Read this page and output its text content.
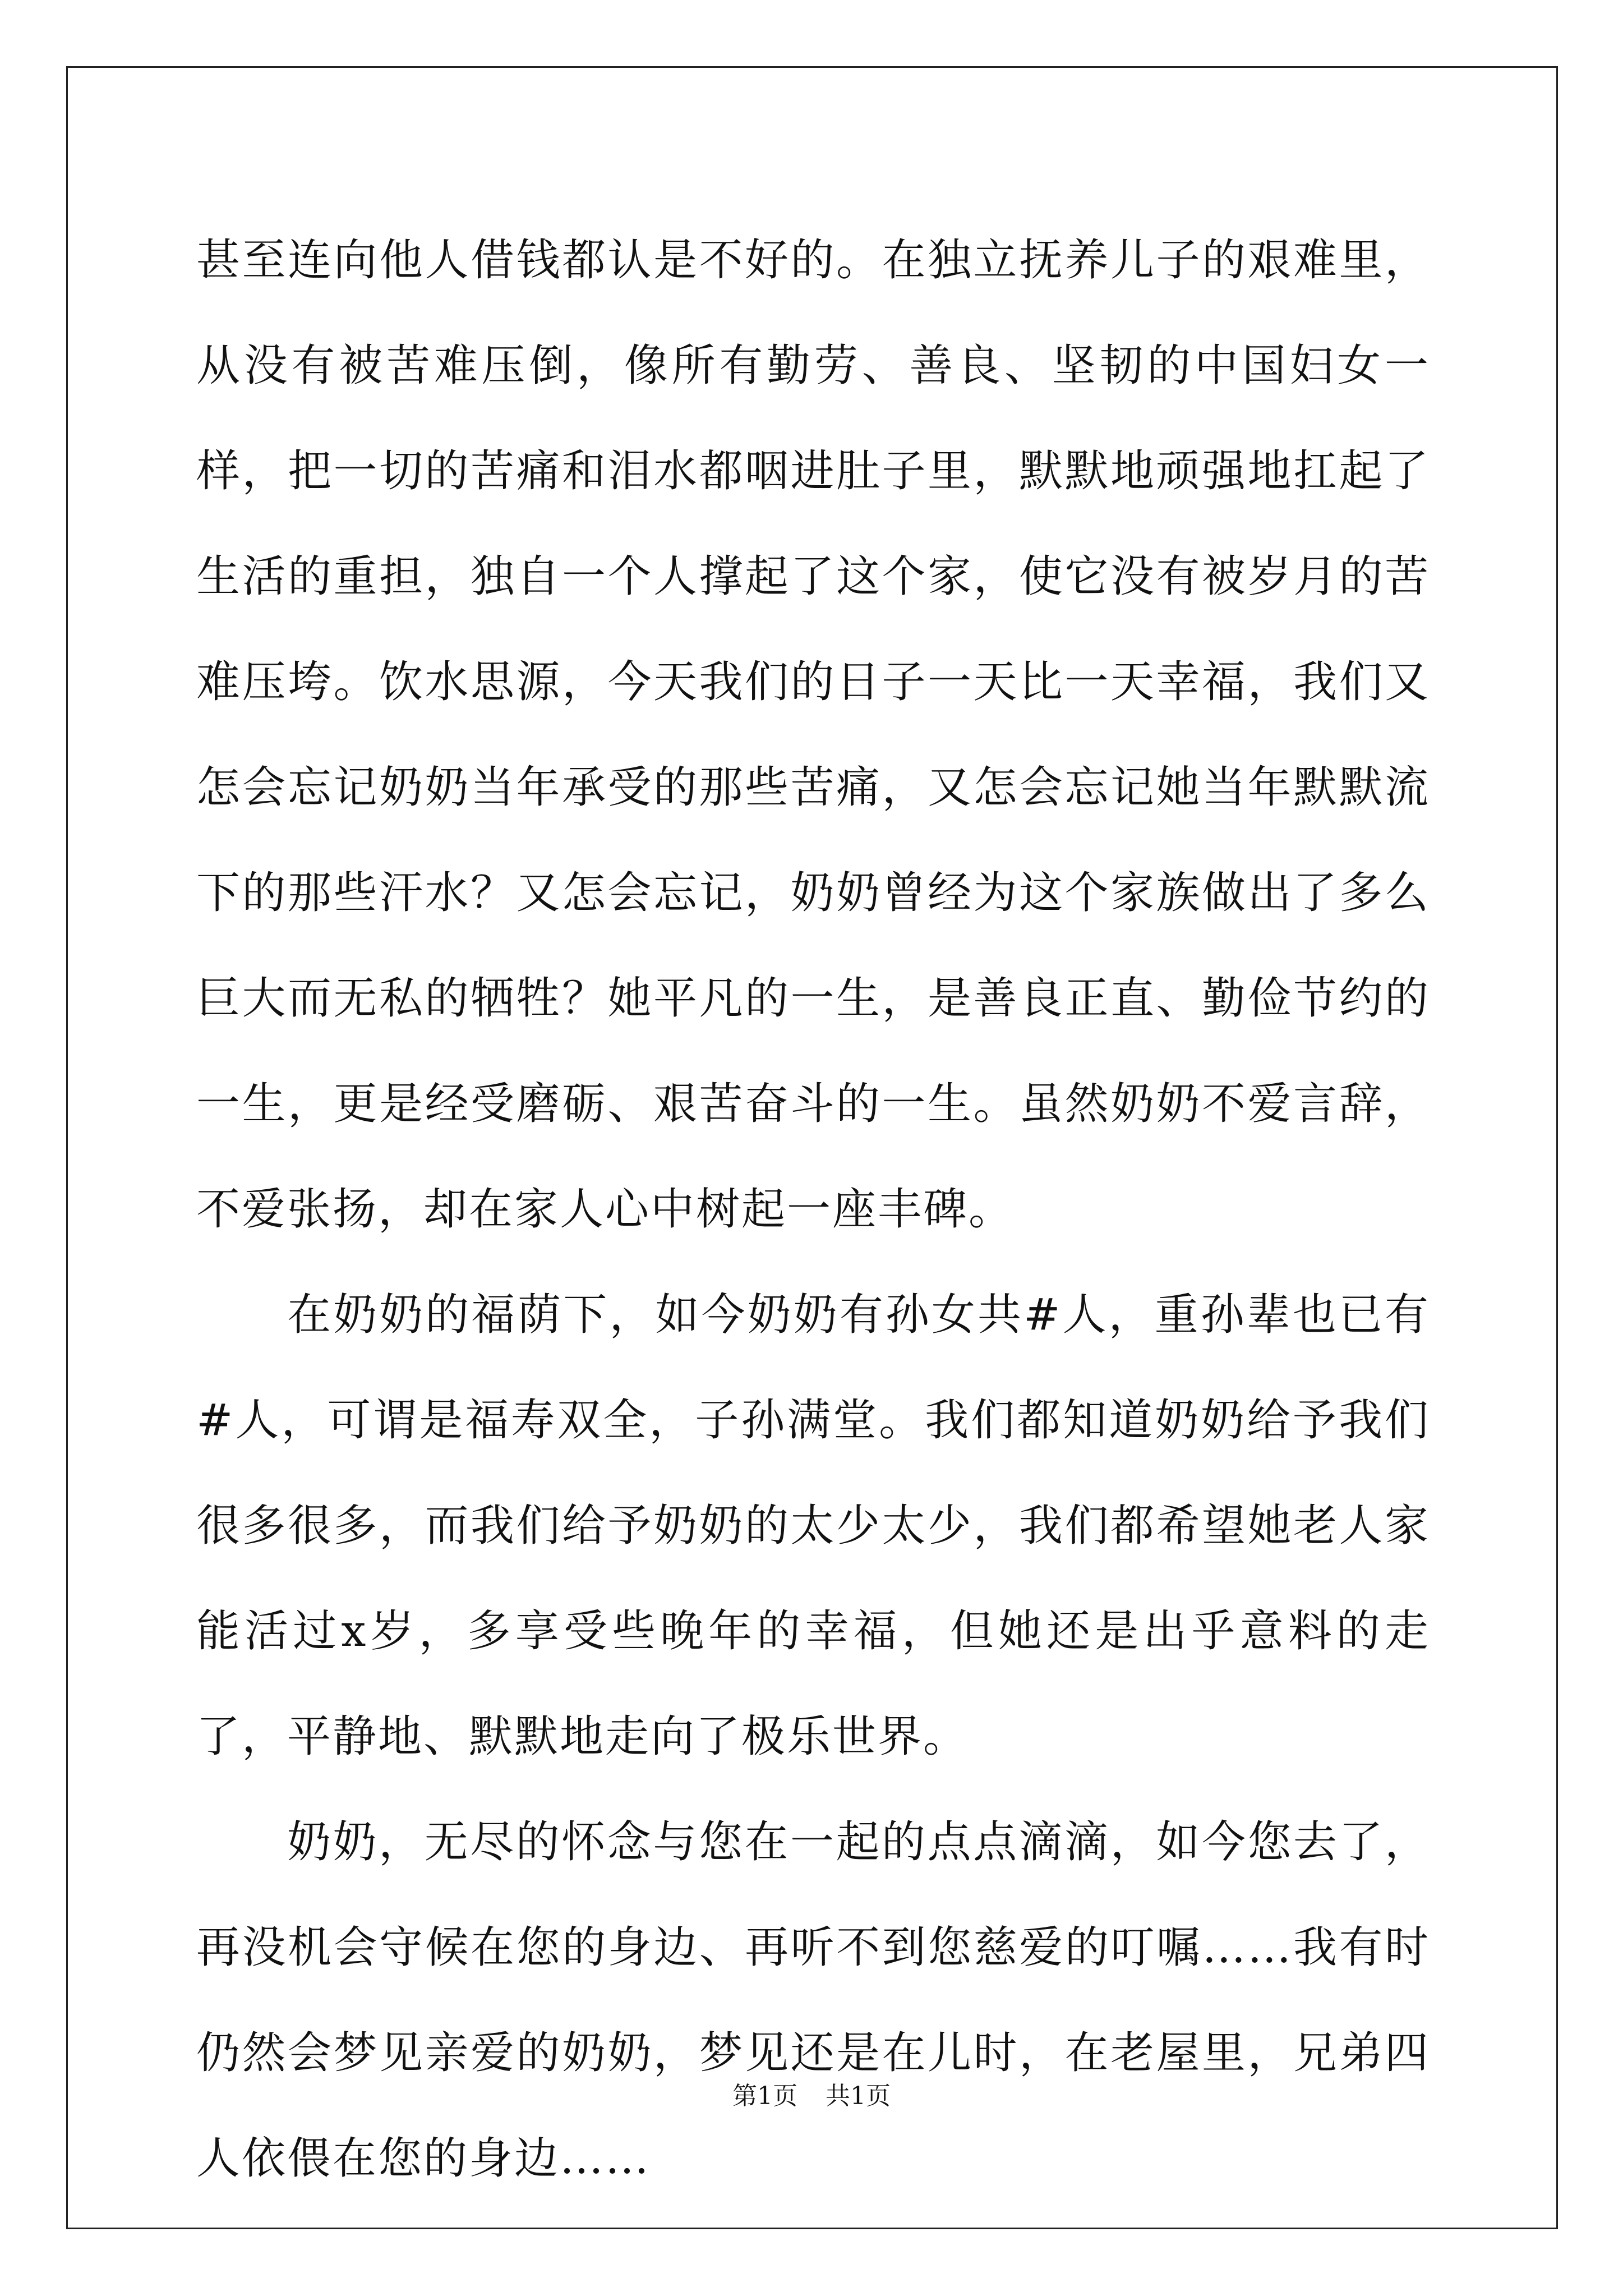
甚至连向他人借钱都认是不好的。在独立抚养儿子的艰难里，从没有被苦难压倒，像所有勤劳、善良、坚韧的中国妇女一样，把一切的苦痛和泪水都咽进肚子里，默默地顽强地扛起了生活的重担，独自一个人撑起了这个家，使它没有被岁月的苦难压垮。饮水思源，今天我们的日子一天比一天幸福，我们又怎会忘记奶奶当年承受的那些苦痛，又怎会忘记她当年默默流下的那些汗水？又怎会忘记，奶奶曾经为这个家族做出了多么巨大而无私的牺牲？她平凡的一生，是善良正直、勤俭节约的一生，更是经受磨砺、艰苦奋斗的一生。虽然奶奶不爱言辞，不爱张扬，却在家人心中树起一座丰碑。

在奶奶的福荫下，如今奶奶有孙女共#人，重孙辈也已有#人，可谓是福寿双全，子孙满堂。我们都知道奶奶给予我们很多很多，而我们给予奶奶的太少太少，我们都希望她老人家能活过x岁，多享受些晚年的幸福，但她还是出乎意料的走了，平静地、默默地走向了极乐世界。

奶奶，无尽的怀念与您在一起的点点滴滴，如今您去了，再没机会守候在您的身边、再听不到您慈爱的叮嘱……我有时仍然会梦见亲爱的奶奶，梦见还是在儿时，在老屋里，兄弟四人依偎在您的身边……

第1页 共1页
